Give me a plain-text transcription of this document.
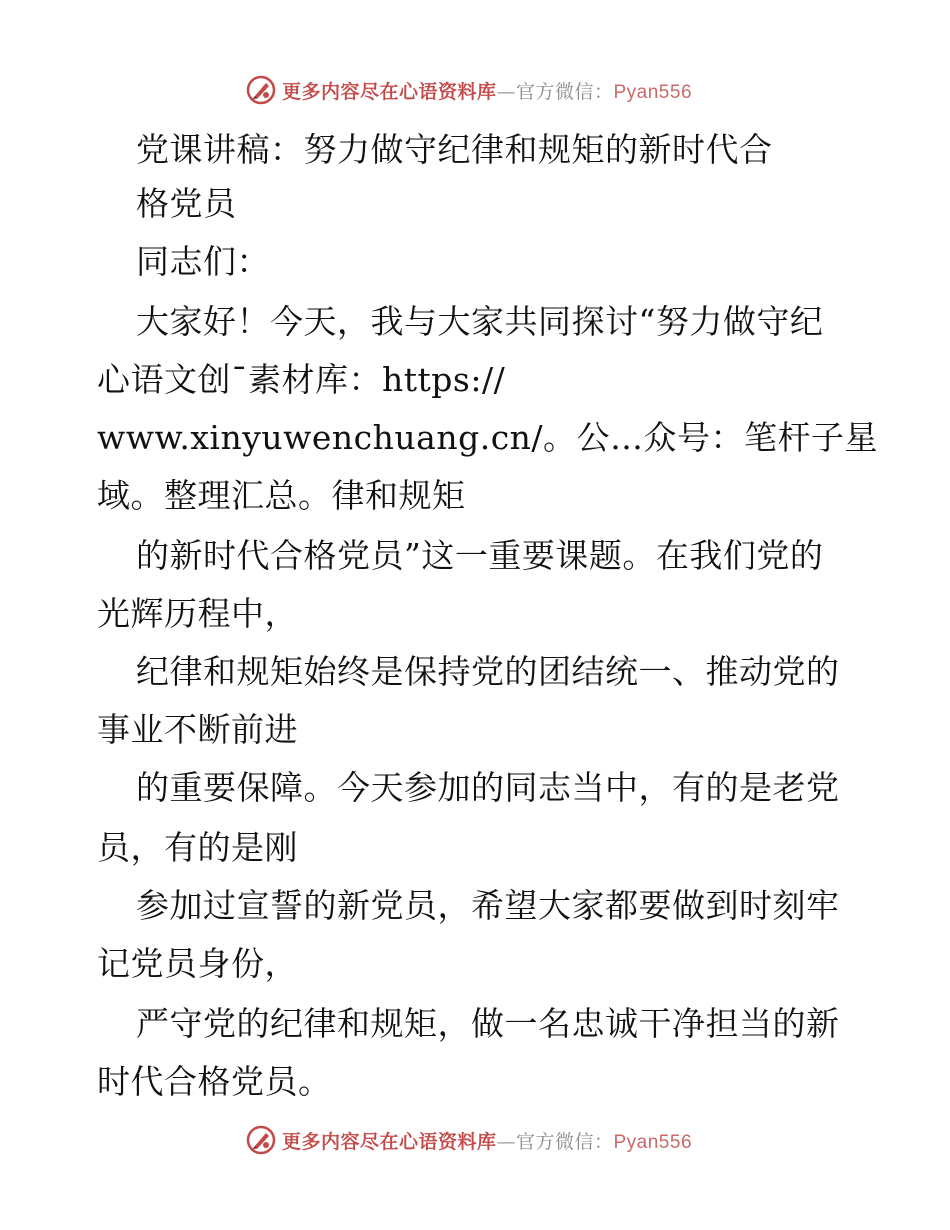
更多内容尽在心语资料库—官方微信：Pyan556
党课讲稿：努力做守纪律和规矩的新时代合
格党员
同志们：
大家好！今天，我与大家共同探讨“努力做守纪
心语文创¯素材库：https://
www.xinyuwenchuang.cn/。公…众号：笔杆子星
域。整理汇总。律和规矩
的新时代合格党员”这一重要课题。在我们党的
光辉历程中，
纪律和规矩始终是保持党的团结统一、推动党的
事业不断前进
的重要保障。今天参加的同志当中，有的是老党
员，有的是刚
参加过宣誓的新党员，希望大家都要做到时刻牢
记党员身份，
严守党的纪律和规矩，做一名忠诚干净担当的新
时代合格党员。
更多内容尽在心语资料库—官方微信：Pyan556
